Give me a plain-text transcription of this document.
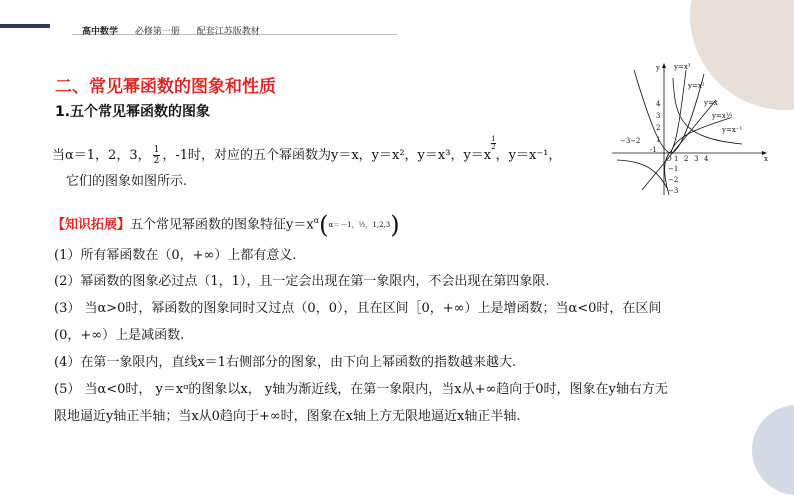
高中数学 必修第一册 配套江苏版教材
二、常见幂函数的图象和性质
1.五个常见幂函数的图象
当α＝1，2，3， $\frac{1}{2}$ ，-1时，对应的五个幂函数为y＝x，y＝x²，y＝x³，y＝x
$\frac{1}{2}$
，y＝x⁻¹，
它们的图象如图所示.
【知识拓展】五个常见幂函数的图象特征$y=x^\alpha(\alpha=-1$，½，1,2,3)
(1）所有幂函数在（0，+∞）上都有意义.
(2）幂函数的图象必过点（1，1），且一定会出现在第一象限内，不会出现在第四象限.
(3） 当α>0时，幂函数的图象同时又过点（0，0），且在区间［0，+∞）上是增函数；当α<0时，在区间
(0，+∞）上是减函数.
(4）在第一象限内，直线x＝1右侧部分的图象，由下向上幂函数的指数越来越大.
(5） 当α<0时， y＝xᵅ的图象以x， y轴为渐近线，在第一象限内，当x从+∞趋向于0时，图象在y轴右方无
限地逼近y轴正半轴；当x从0趋向于+∞时，图象在x轴上方无限地逼近x轴正半轴.
y
x
y=x³
y=x²
y=x
y=x½
y=x⁻¹
4
3
2
1
−3 −2
-1
O 1 2 3 4
−1
−2
−3
